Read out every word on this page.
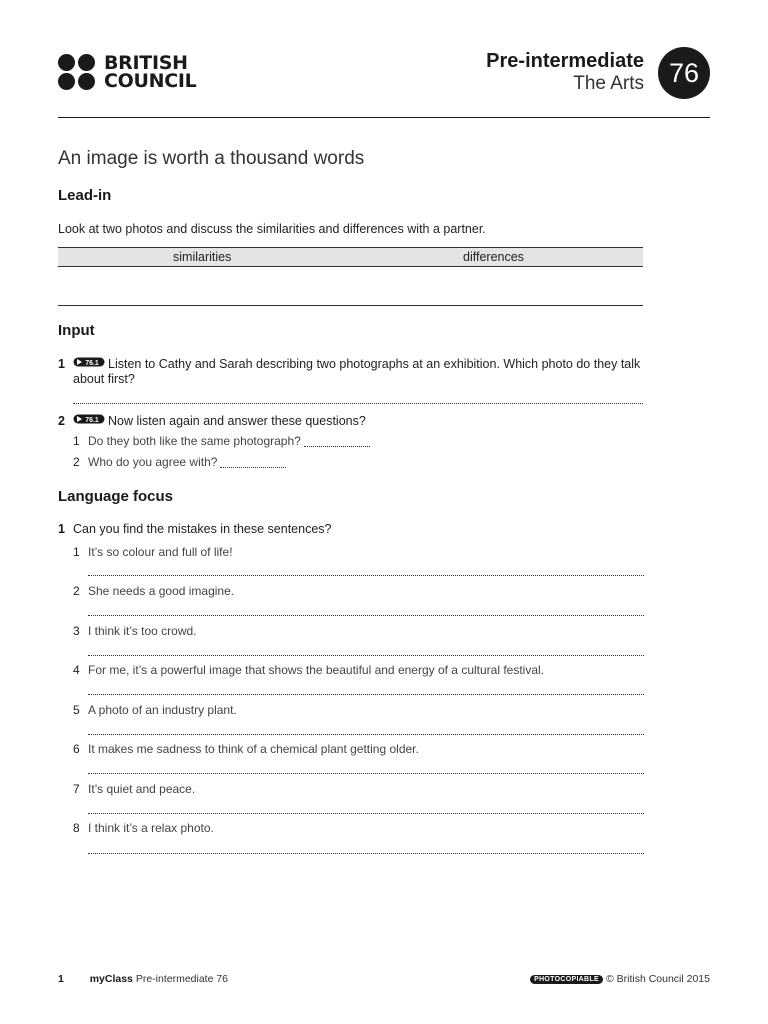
BRITISH
COUNCIL
Pre-intermediate
The Arts 76
An image is worth a thousand words
Lead-in
Look at two photos and discuss the similarities and differences with a partner.
similarities	differences
Input
1	76.1 Listen to Cathy and Sarah describing two photographs at an exhibition. Which photo do they talk about first?
2	76.1 Now listen again and answer these questions?
1 Do they both like the same photograph?
2 Who do you agree with?
Language focus
1 Can you find the mistakes in these sentences?
1 It’s so colour and full of life!
2 She needs a good imagine.
3 I think it’s too crowd.
4 For me, it’s a powerful image that shows the beautiful and energy of a cultural festival.
5 A photo of an industry plant.
6 It makes me sadness to think of a chemical plant getting older.
7 It’s quiet and peace.
8 I think it’s a relax photo.
1 myClass Pre-intermediate 76	PHOTOCOPIABLE © British Council 2015
